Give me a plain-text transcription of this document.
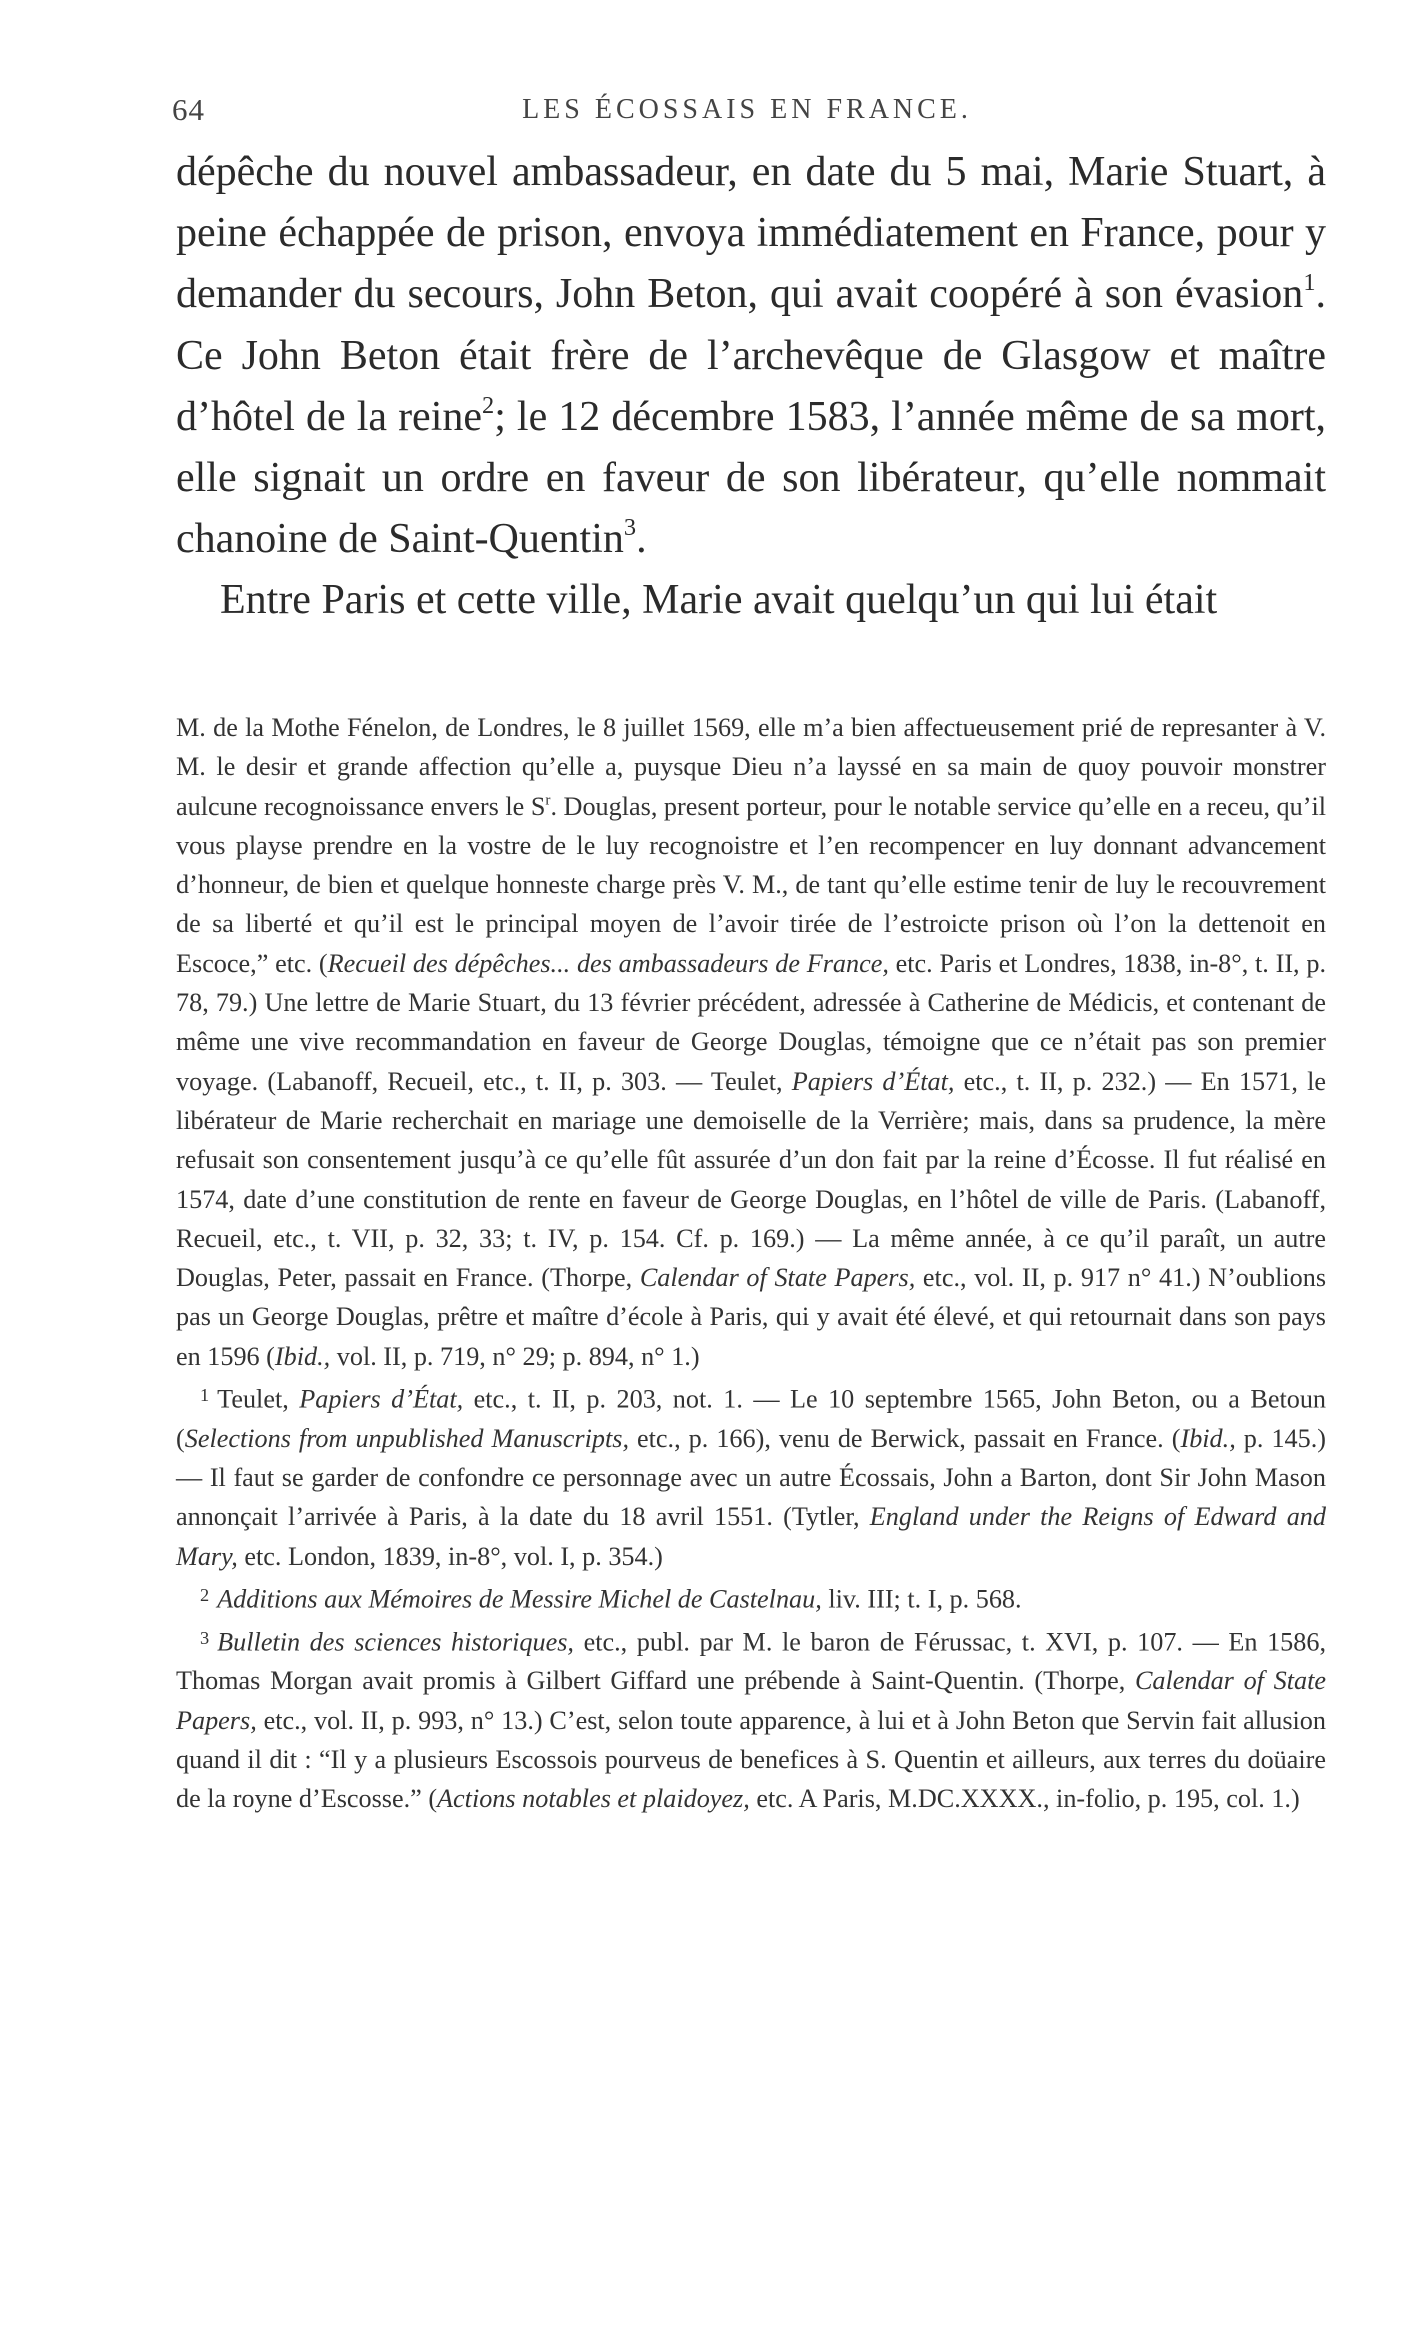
64	LES ÉCOSSAIS EN FRANCE.

dépêche du nouvel ambassadeur, en date du 5 mai, Marie Stuart, à peine échappée de prison, envoya immédiatement en France, pour y demander du secours, John Beton, qui avait coopéré à son évasion$^1$. Ce John Beton était frère de l’archevêque de Glasgow et maître d’hôtel de la reine$^2$; le 12 décembre 1583, l’année même de sa mort, elle signait un ordre en faveur de son libérateur, qu’elle nommait chanoine de Saint-Quentin$^3$.

Entre Paris et cette ville, Marie avait quelqu’un qui lui était

M. de la Mothe Fénelon, de Londres, le 8 juillet 1569, elle m’a bien affectueusement prié de represanter à V. M. le desir et grande affection qu’elle a, puysque Dieu n’a layssé en sa main de quoy pouvoir monstrer aulcune recognoissance envers le $S^r$. Douglas, present porteur, pour le notable service qu’elle en a receu, qu’il vous playse prendre en la vostre de le luy recognoistre et l’en recompencer en luy donnant advancement d’honneur, de bien et quelque honneste charge près V. M., de tant qu’elle estime tenir de luy le recouvrement de sa liberté et qu’il est le principal moyen de l’avoir tirée de l’estroicte prison où l’on la dettenoit en Escoce,” etc. (Recueil des dépêches... des ambassadeurs de France, etc. Paris et Londres, 1838, in-8°, t. II, p. 78, 79.) Une lettre de Marie Stuart, du 13 février précédent, adressée à Catherine de Médicis, et contenant de même une vive recommandation en faveur de George Douglas, témoigne que ce n’était pas son premier voyage. (Labanoff, Recueil, etc., t. II, p. 303. — Teulet, Papiers d’État, etc., t. II, p. 232.) — En 1571, le libérateur de Marie recherchait en mariage une demoiselle de la Verrière; mais, dans sa prudence, la mère refusait son consentement jusqu’à ce qu’elle fût assurée d’un don fait par la reine d’Écosse. Il fut réalisé en 1574, date d’une constitution de rente en faveur de George Douglas, en l’hôtel de ville de Paris. (Labanoff, Recueil, etc., t. VII, p. 32, 33; t. IV, p. 154. Cf. p. 169.) — La même année, à ce qu’il paraît, un autre Douglas, Peter, passait en France. (Thorpe, Calendar of State Papers, etc., vol. II, p. 917 n° 41.) N’oublions pas un George Douglas, prêtre et maître d’école à Paris, qui y avait été élevé, et qui retournait dans son pays en 1596 (Ibid., vol. II, p. 719, n° 29; p. 894, n° 1.)

$^1$ Teulet, Papiers d’État, etc., t. II, p. 203, not. 1. — Le 10 septembre 1565, John Beton, ou a Betoun (Selections from unpublished Manuscripts, etc., p. 166), venu de Berwick, passait en France. (Ibid., p. 145.) — Il faut se garder de confondre ce personnage avec un autre Écossais, John a Barton, dont Sir John Mason annonçait l’arrivée à Paris, à la date du 18 avril 1551. (Tytler, England under the Reigns of Edward and Mary, etc. London, 1839, in-8°, vol. I, p. 354.)

$^2$ Additions aux Mémoires de Messire Michel de Castelnau, liv. III; t. I, p. 568.

$^3$ Bulletin des sciences historiques, etc., publ. par M. le baron de Férussac, t. XVI, p. 107. — En 1586, Thomas Morgan avait promis à Gilbert Giffard une prébende à Saint-Quentin. (Thorpe, Calendar of State Papers, etc., vol. II, p. 993, n° 13.) C’est, selon toute apparence, à lui et à John Beton que Servin fait allusion quand il dit : “Il y a plusieurs Escossois pourveus de benefices à S. Quentin et ailleurs, aux terres du doüaire de la royne d’Escosse.” (Actions notables et plaidoyez, etc. A Paris, M.DC.XXXX., in-folio, p. 195, col. 1.)
